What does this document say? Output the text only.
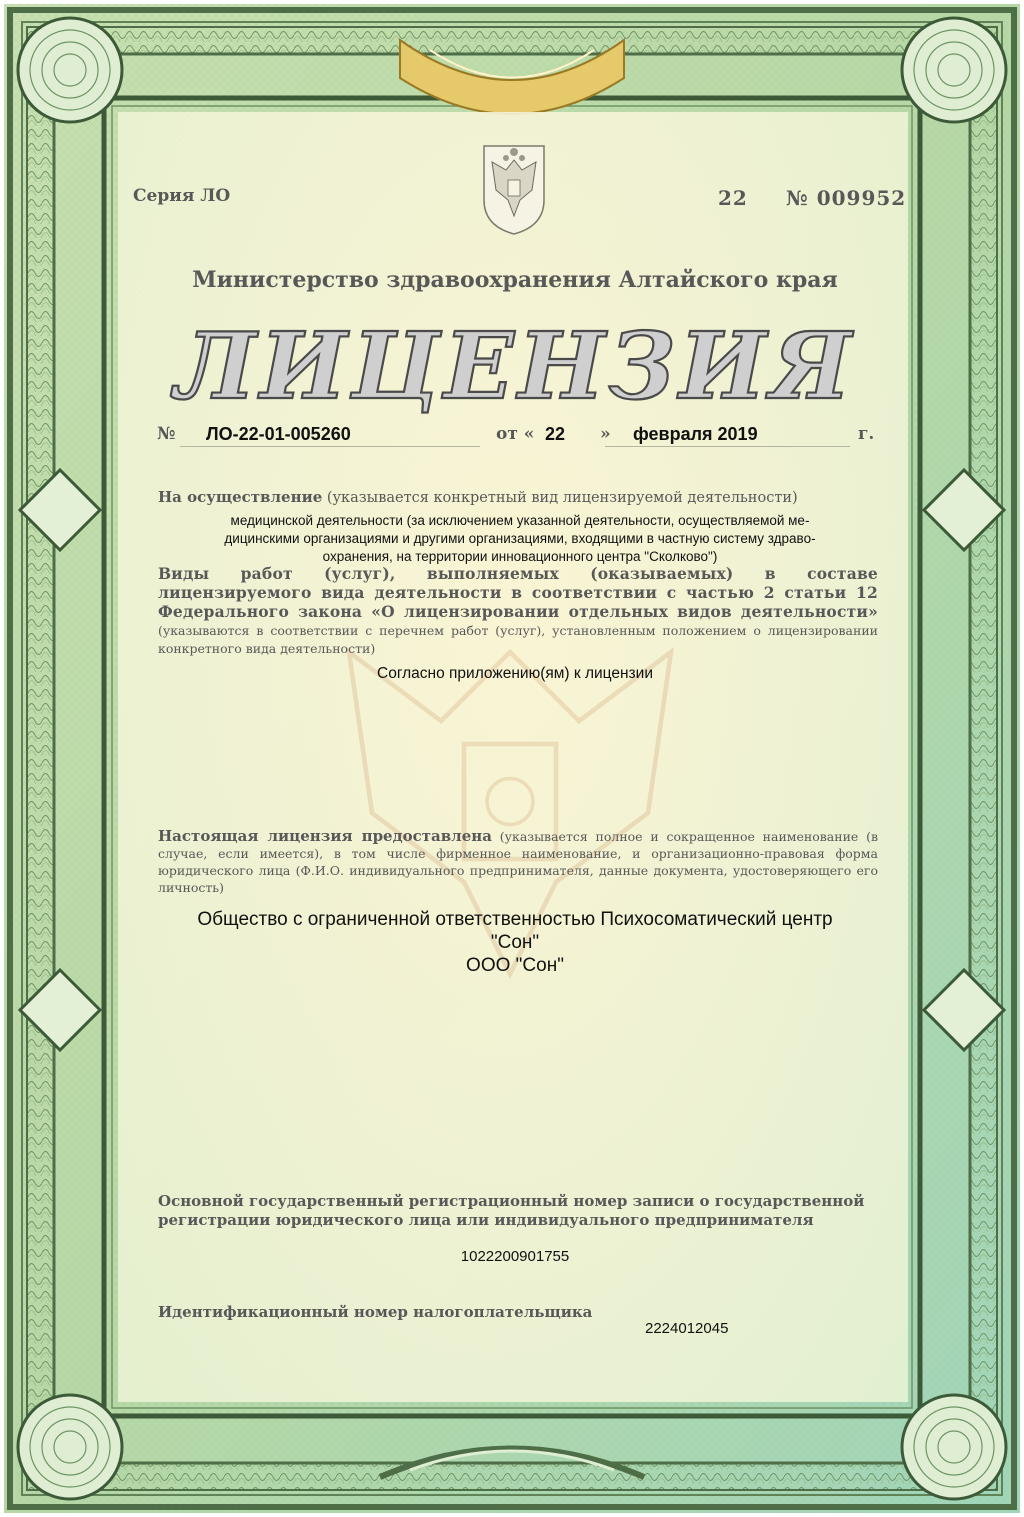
Серия ЛО	22 № 009952
Министерство здравоохранения Алтайского края
ЛИЦЕНЗИЯ
№ ЛО-22-01-005260	от « 22 » февраля 2019	г.
На осуществление (указывается конкретный вид лицензируемой деятельности)
медицинской деятельности (за исключением указанной деятельности, осуществляемой ме-
дицинскими организациями и другими организациями, входящими в частную систему здраво-
охранения, на территории инновационного центра "Сколково")
Виды работ (услуг), выполняемых (оказываемых) в составе лицензируемого вида деятельности в соответствии с частью 2 статьи 12 Федерального закона «О лицензировании отдельных видов деятельности» (указываются в соответствии с перечнем работ (услуг), установленным положением о лицензировании конкретного вида деятельности)
Согласно приложению(ям) к лицензии
Настоящая лицензия предоставлена (указывается полное и сокращенное наименование (в случае, если имеется), в том числе фирменное наименование, и организационно-правовая форма юридического лица (Ф.И.О. индивидуального предпринимателя, данные документа, удостоверяющего его личность)
Общество с ограниченной ответственностью Психосоматический центр
"Сон"
ООО "Сон"
Основной государственный регистрационный номер записи о государственной регистрации юридического лица или индивидуального предпринимателя
1022200901755
Идентификационный номер налогоплательщика
2224012045
